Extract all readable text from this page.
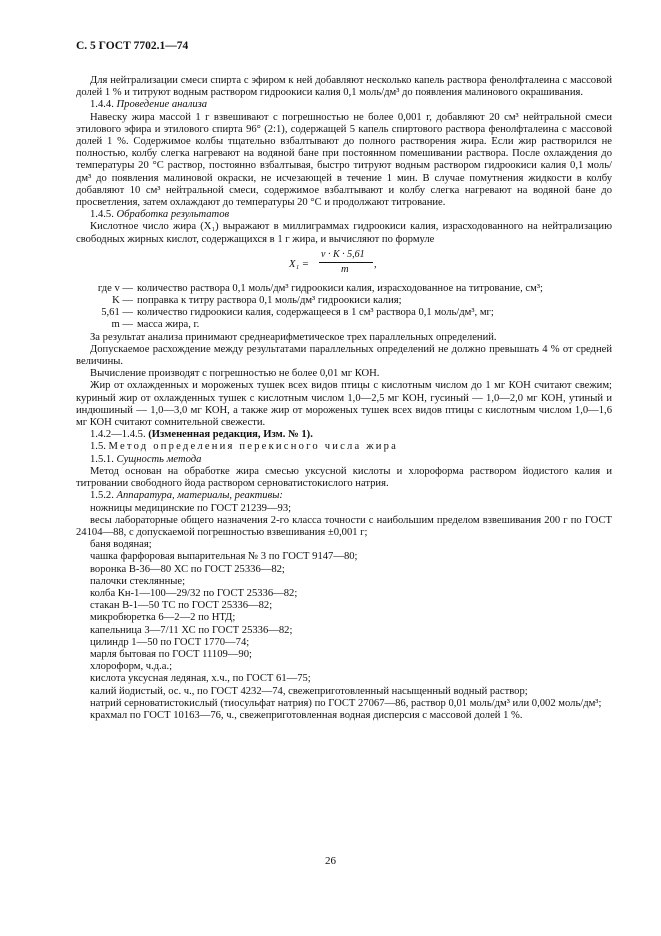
С. 5 ГОСТ 7702.1—74

Для нейтрализации смеси спирта с эфиром к ней добавляют несколько капель раствора фенолфталеина с массовой долей 1 % и титруют водным раствором гидроокиси калия 0,1 моль/дм³ до появления малинового окрашивания.

1.4.4. Проведение анализа

Навеску жира массой 1 г взвешивают с погрешностью не более 0,001 г, добавляют 20 см³ нейтральной смеси этилового эфира и этилового спирта 96° (2:1), содержащей 5 капель спиртового раствора фенолфталеина с массовой долей 1 %. Содержимое колбы тщательно взбалтывают до полного растворения жира. Если жир растворился не полностью, колбу слегка нагревают на водяной бане при постоянном помешивании раствора. После охлаждения до температуры 20 °С раствор, постоянно взбалтывая, быстро титруют водным раствором гидроокиси калия 0,1 моль/дм³ до появления малиновой окраски, не исчезающей в течение 1 мин. В случае помутнения жидкости в колбу добавляют 10 см³ нейтральной смеси, содержимое взбалтывают и колбу слегка нагревают на водяной бане до просветления, затем охлаждают до температуры 20 °С и продолжают титрование.

1.4.5. Обработка результатов

Кислотное число жира (X₁) выражают в миллиграммах гидроокиси калия, израсходованного на нейтрализацию свободных жирных кислот, содержащихся в 1 г жира, и вычисляют по формуле

X₁ =
v · K · 5,61
m ,
где v — количество раствора 0,1 моль/дм³ гидроокиси калия, израсходованное на титрование, см³;
K — поправка к титру раствора 0,1 моль/дм³ гидроокиси калия;
5,61 — количество гидроокиси калия, содержащееся в 1 см³ раствора 0,1 моль/дм³, мг;
m — масса жира, г.

За результат анализа принимают среднеарифметическое трех параллельных определений.

Допускаемое расхождение между результатами параллельных определений не должно превышать 4 % от средней величины.

Вычисление производят с погрешностью не более 0,01 мг КОН.

Жир от охлажденных и мороженых тушек всех видов птицы с кислотным числом до 1 мг КОН считают свежим; куриный жир от охлажденных тушек с кислотным числом 1,0—2,5 мг КОН, гусиный — 1,0—2,0 мг КОН, утиный и индюшиный — 1,0—3,0 мг КОН, а также жир от мороженых тушек всех видов птицы с кислотным числом 1,0—1,6 мг КОН считают сомнительной свежести.

1.4.2—1.4.5. (Измененная редакция, Изм. № 1).

1.5. Метод определения перекисного числа жира

1.5.1. Сущность метода

Метод основан на обработке жира смесью уксусной кислоты и хлороформа раствором йодистого калия и титровании свободного йода раствором серноватистокислого натрия.

1.5.2. Аппаратура, материалы, реактивы:

ножницы медицинские по ГОСТ 21239—93;

весы лабораторные общего назначения 2-го класса точности с наибольшим пределом взвешивания 200 г по ГОСТ 24104—88, с допускаемой погрешностью взвешивания ±0,001 г;

баня водяная;

чашка фарфоровая выпарительная № 3 по ГОСТ 9147—80;

воронка В-36—80 ХС по ГОСТ 25336—82;

палочки стеклянные;

колба Кн-1—100—29/32 по ГОСТ 25336—82;

стакан В-1—50 ТС по ГОСТ 25336—82;

микробюретка 6—2—2 по НТД;

капельница 3—7/11 ХС по ГОСТ 25336—82;

цилиндр 1—50 по ГОСТ 1770—74;

марля бытовая по ГОСТ 11109—90;

хлороформ, ч.д.а.;

кислота уксусная ледяная, х.ч., по ГОСТ 61—75;

калий йодистый, ос. ч., по ГОСТ 4232—74, свежеприготовленный насыщенный водный раствор;

натрий серноватистокислый (тиосульфат натрия) по ГОСТ 27067—86, раствор 0,01 моль/дм³ или 0,002 моль/дм³;

крахмал по ГОСТ 10163—76, ч., свежеприготовленная водная дисперсия с массовой долей 1 %.

26
